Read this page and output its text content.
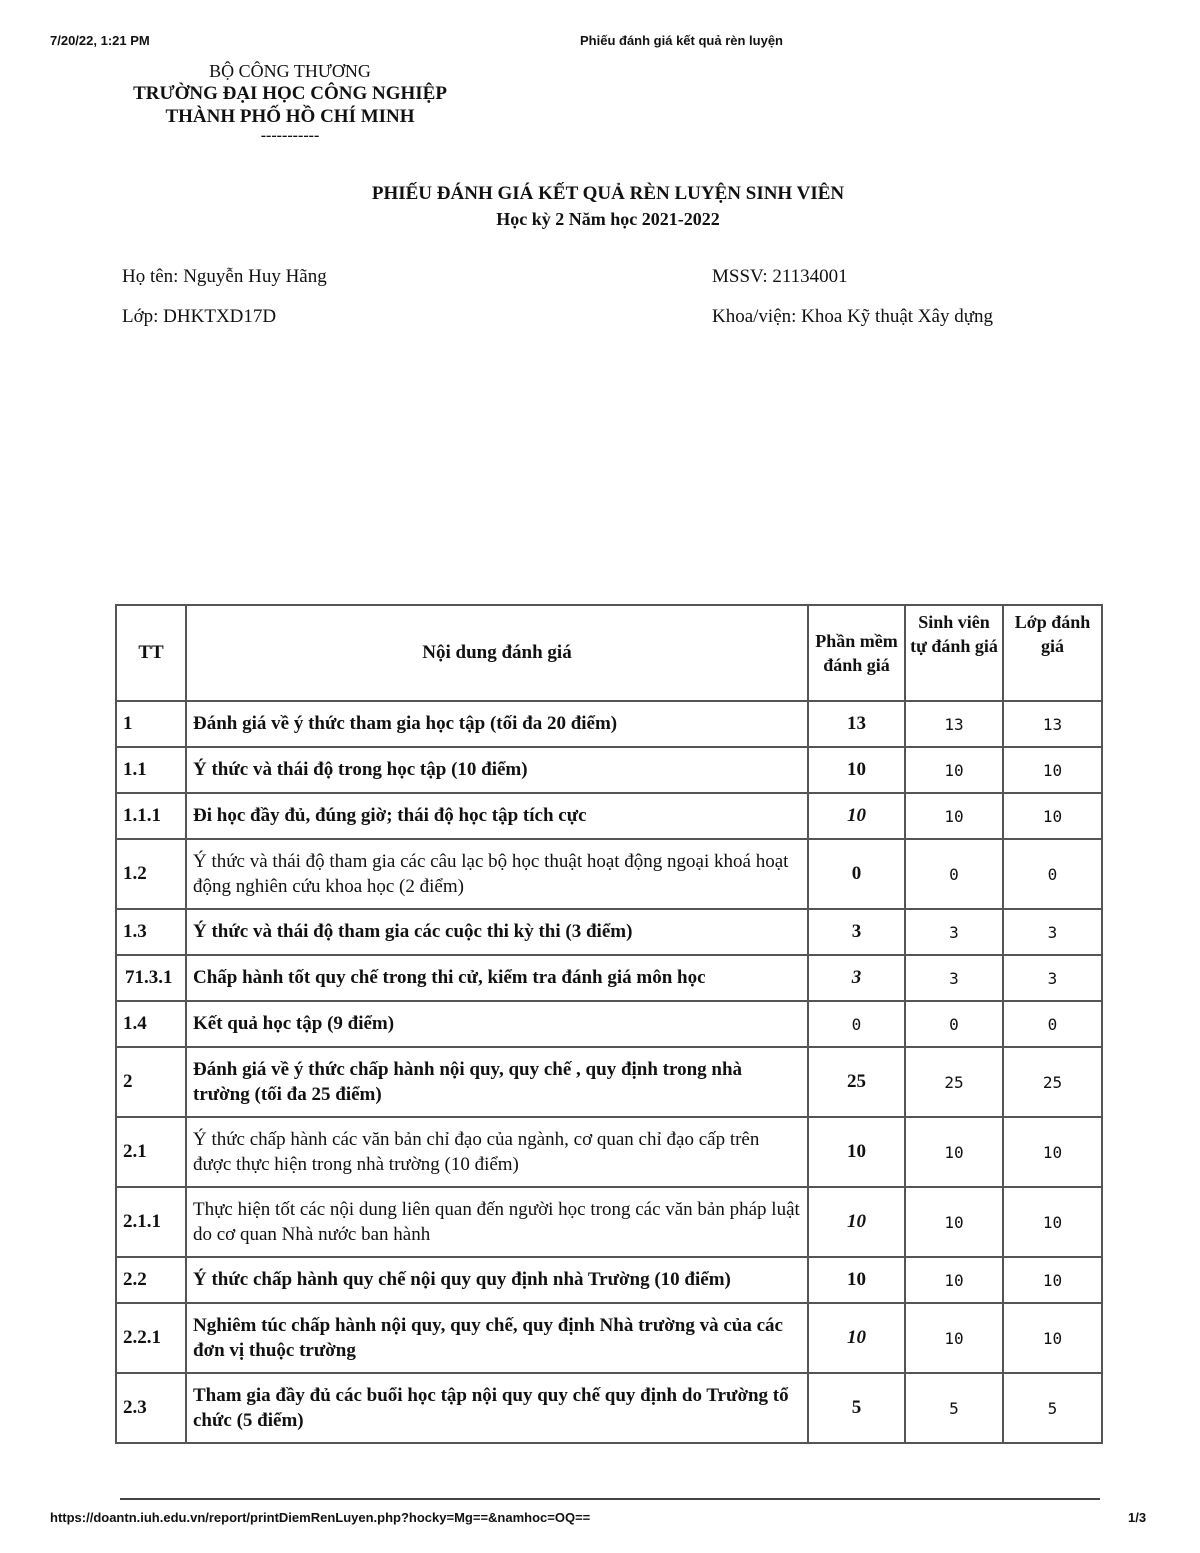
7/20/22, 1:21 PM	Phiếu đánh giá kết quả rèn luyện
BỘ CÔNG THƯƠNG
TRƯỜNG ĐẠI HỌC CÔNG NGHIỆP
THÀNH PHỐ HỒ CHÍ MINH
-----------
PHIẾU ĐÁNH GIÁ KẾT QUẢ RÈN LUYỆN SINH VIÊN
Học kỳ 2 Năm học 2021-2022
Họ tên: Nguyễn Huy Hãng	MSSV: 21134001
Lớp: DHKTXD17D	Khoa/viện: Khoa Kỹ thuật Xây dựng
TT	Nội dung đánh giá	Phần mềm đánh giá	Sinh viên tự đánh giá	Lớp đánh giá
1	Đánh giá về ý thức tham gia học tập (tối đa 20 điểm)	13	13	13
1.1	Ý thức và thái độ trong học tập (10 điểm)	10	10	10
1.1.1	Đi học đầy đủ, đúng giờ; thái độ học tập tích cực	10	10	10
1.2	Ý thức và thái độ tham gia các câu lạc bộ học thuật hoạt động ngoại khoá hoạt động nghiên cứu khoa học (2 điểm)	0	0	0
1.3	Ý thức và thái độ tham gia các cuộc thi kỳ thi (3 điểm)	3	3	3
71.3.1	Chấp hành tốt quy chế trong thi cử, kiểm tra đánh giá môn học	3	3	3
1.4	Kết quả học tập (9 điểm)	0	0	0
2	Đánh giá về ý thức chấp hành nội quy, quy chế , quy định trong nhà trường (tối đa 25 điểm)	25	25	25
2.1	Ý thức chấp hành các văn bản chỉ đạo của ngành, cơ quan chỉ đạo cấp trên được thực hiện trong nhà trường (10 điểm)	10	10	10
2.1.1	Thực hiện tốt các nội dung liên quan đến người học trong các văn bản pháp luật do cơ quan Nhà nước ban hành	10	10	10
2.2	Ý thức chấp hành quy chế nội quy quy định nhà Trường (10 điểm)	10	10	10
2.2.1	Nghiêm túc chấp hành nội quy, quy chế, quy định Nhà trường và của các đơn vị thuộc trường	10	10	10
2.3	Tham gia đầy đủ các buổi học tập nội quy quy chế quy định do Trường tổ chức (5 điểm)	5	5	5
https://doantn.iuh.edu.vn/report/printDiemRenLuyen.php?hocky=Mg==&namhoc=OQ==	1/3
